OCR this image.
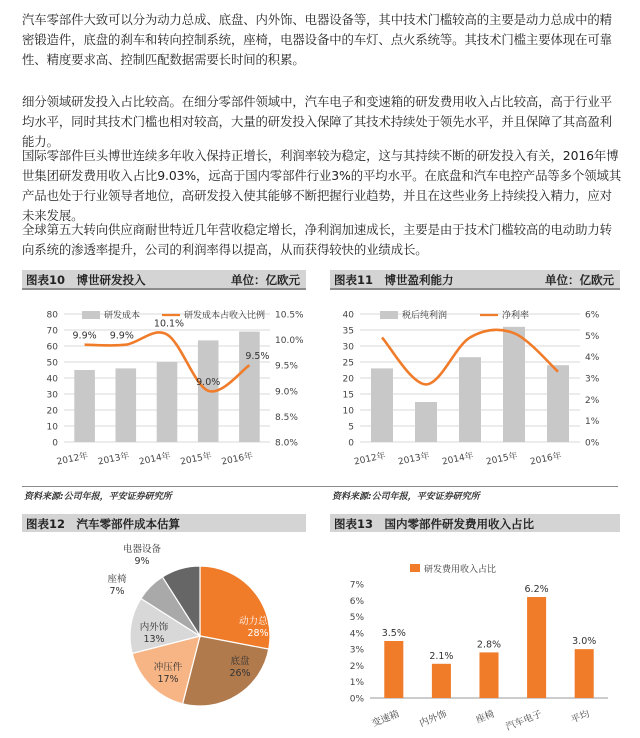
汽车零部件大致可以分为动力总成、底盘、内外饰、电器设备等，其中技术门槛较高的主要是动力总成中的精密锻造件，底盘的刹车和转向控制系统，座椅，电器设备中的车灯、点火系统等。其技术门槛主要体现在可靠性、精度要求高、控制匹配数据需要长时间的积累。

细分领域研发投入占比较高。在细分零部件领域中，汽车电子和变速箱的研发费用收入占比较高，高于行业平均水平，同时其技术门槛也相对较高，大量的研发投入保障了其技术持续处于领先水平，并且保障了其高盈利能力。

国际零部件巨头博世连续多年收入保持正增长，利润率较为稳定，这与其持续不断的研发投入有关，2016年博世集团研发费用收入占比9.03%，远高于国内零部件行业3%的平均水平。在底盘和汽车电控产品等多个领域其产品也处于行业领导者地位，高研发投入使其能够不断把握行业趋势，并且在这些业务上持续投入精力，应对未来发展。

全球第五大转向供应商耐世特近几年营收稳定增长，净利润加速成长，主要是由于技术门槛较高的电动助力转向系统的渗透率提升，公司的利润率得以提高，从而获得较快的业绩成长。

图表10　博世研发投入	单位：亿欧元
0
10
20
30
40
50
60
70
80
8.0%
8.5%
9.0%
9.5%
10.0%
10.5%
2012年 2013年 2014年 2015年 2016年
9.9% 9.9%
10.1%
9.0%
9.5%
研发成本	研发成本占收入比例
图表11　博世盈利能力	单位：亿欧元
0
5
10
15
20
25
30
35
40
0%
1%
2%
3%
4%
5%
6%
2012年 2013年 2014年 2015年 2016年
税后纯利润	净利率
资料来源:公司年报，平安证券研究所	资料来源:公司年报，平安证券研究所
图表12　汽车零部件成本估算
动力总成
28%
底盘
26%
冲压件
17%
内外饰
13%
座椅
7%
电器设备
9%
图表13　国内零部件研发费用收入占比
0%
1%
2%
3%
4%
5%
6%
7%
3.5%
变速箱
2.1%
内外饰
2.8%
座椅
6.2%
汽车电子
3.0%
平均
研发费用收入占比
